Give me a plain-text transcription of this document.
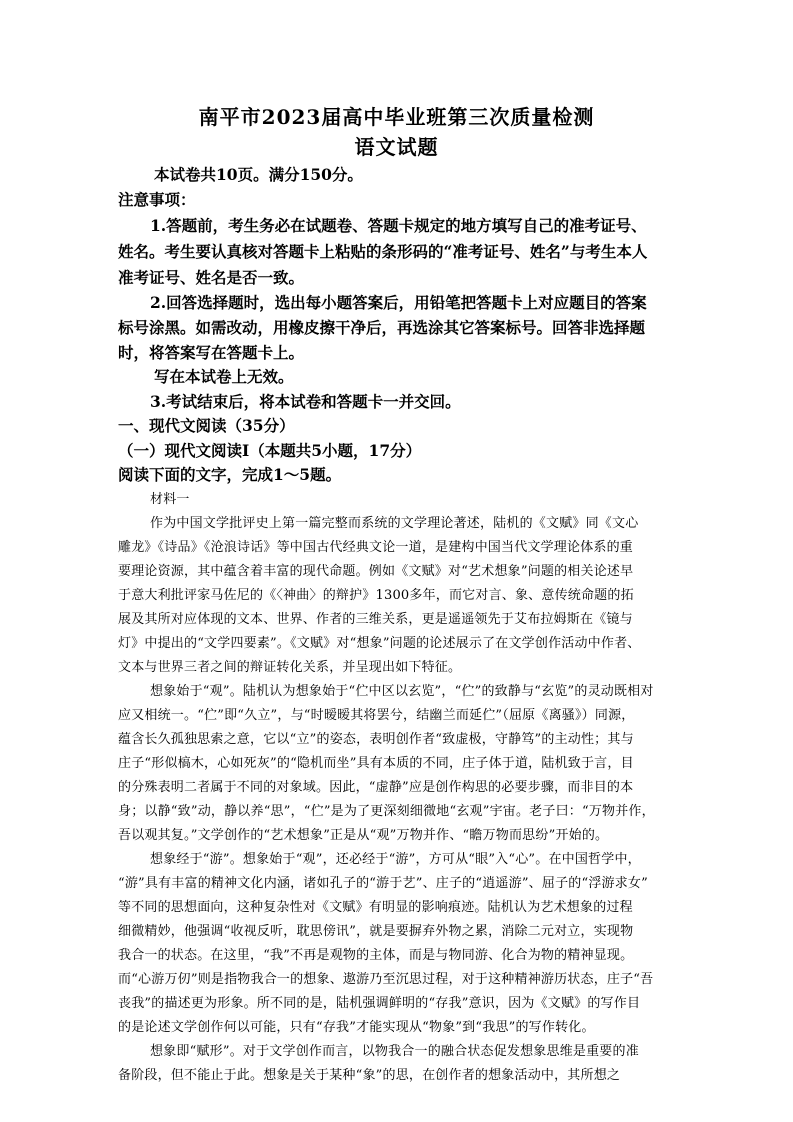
南平市2023届高中毕业班第三次质量检测
语文试题
本试卷共10页。满分150分。
注意事项：
1.答题前，考生务必在试题卷、答题卡规定的地方填写自己的准考证号、
姓名。考生要认真核对答题卡上粘贴的条形码的“准考证号、姓名”与考生本人
准考证号、姓名是否一致。
2.回答选择题时，选出每小题答案后，用铅笔把答题卡上对应题目的答案
标号涂黑。如需改动，用橡皮擦干净后，再选涂其它答案标号。回答非选择题
时，将答案写在答题卡上。
写在本试卷上无效。
3.考试结束后，将本试卷和答题卡一并交回。
一、现代文阅读（35分）
（一）现代文阅读Ⅰ（本题共5小题，17分）
阅读下面的文字，完成1～5题。
材料一
作为中国文学批评史上第一篇完整而系统的文学理论著述，陆机的《文赋》同《文心
雕龙》《诗品》《沧浪诗话》等中国古代经典文论一道，是建构中国当代文学理论体系的重
要理论资源，其中蕴含着丰富的现代命题。例如《文赋》对“艺术想象”问题的相关论述早
于意大利批评家马佐尼的《〈神曲〉的辩护》1300多年，而它对言、象、意传统命题的拓
展及其所对应体现的文本、世界、作者的三维关系，更是遥遥领先于艾布拉姆斯在《镜与
灯》中提出的“文学四要素”。《文赋》对“想象”问题的论述展示了在文学创作活动中作者、
文本与世界三者之间的辩证转化关系，并呈现出如下特征。
想象始于“观”。陆机认为想象始于“伫中区以玄览”，“伫”的致静与“玄览”的灵动既相对
应又相统一。“伫”即“久立”，与“时暧暧其将罢兮，结幽兰而延伫”（屈原《离骚》）同源，
蕴含长久孤独思索之意，它以“立”的姿态，表明创作者“致虚极，守静笃”的主动性；其与
庄子“形似槁木，心如死灰”的“隐机而坐”具有本质的不同，庄子体于道，陆机致于言，目
的分殊表明二者属于不同的对象域。因此，“虚静”应是创作构思的必要步骤，而非目的本
身；以静“致”动，静以养“思”，“伫”是为了更深刻细微地“玄观”宇宙。老子曰：“万物并作，
吾以观其复。”文学创作的“艺术想象”正是从“观”万物并作、“瞻万物而思纷”开始的。
想象经于“游”。想象始于“观”，还必经于“游”，方可从“眼”入“心”。在中国哲学中，
“游”具有丰富的精神文化内涵，诸如孔子的“游于艺”、庄子的“逍遥游”、屈子的“浮游求女”
等不同的思想面向，这种复杂性对《文赋》有明显的影响痕迹。陆机认为艺术想象的过程
细微精妙，他强调“收视反听，耽思傍讯”，就是要摒弃外物之累，消除二元对立，实现物
我合一的状态。在这里，“我”不再是观物的主体，而是与物同游、化合为物的精神显现。
而“心游万仞”则是指物我合一的想象、遨游乃至沉思过程，对于这种精神游历状态，庄子“吾
丧我”的描述更为形象。所不同的是，陆机强调鲜明的“存我”意识，因为《文赋》的写作目
的是论述文学创作何以可能，只有“存我”才能实现从“物象”到“我思”的写作转化。
想象即“赋形”。对于文学创作而言，以物我合一的融合状态促发想象思维是重要的准
备阶段，但不能止于此。想象是关于某种“象”的思，在创作者的想象活动中，其所想之
